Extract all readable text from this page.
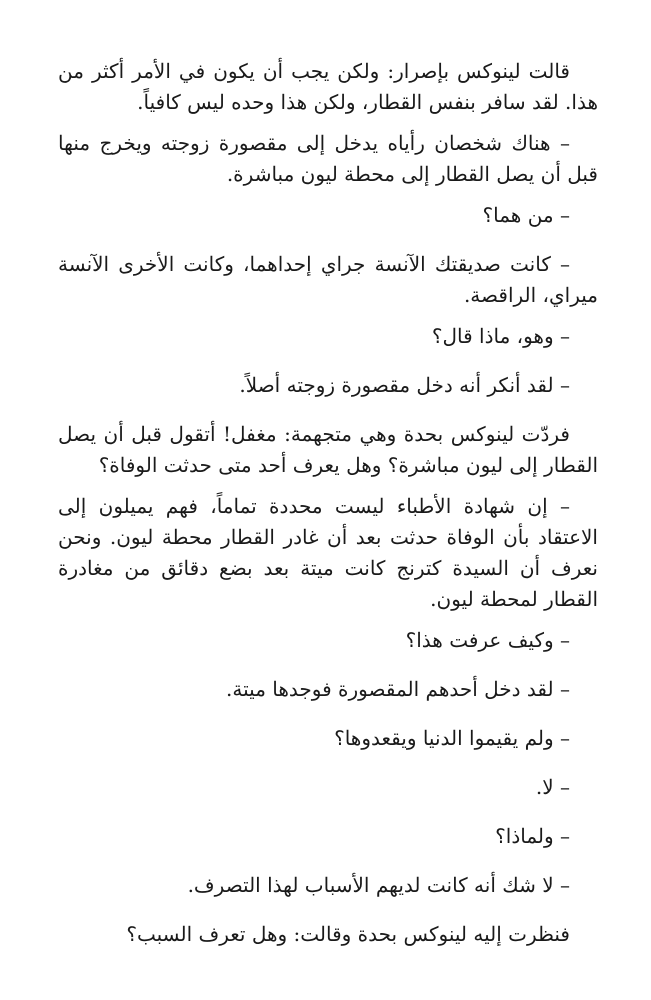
قالت لينوكس بإصرار: ولكن يجب أن يكون في الأمر أكثر من هذا. لقد سافر بنفس القطار، ولكن هذا وحده ليس كافياً.

– هناك شخصان رأياه يدخل إلى مقصورة زوجته ويخرج منها قبل أن يصل القطار إلى محطة ليون مباشرة.

– من هما؟

– كانت صديقتك الآنسة جراي إحداهما، وكانت الأخرى الآنسة ميراي، الراقصة.

– وهو، ماذا قال؟

– لقد أنكر أنه دخل مقصورة زوجته أصلاً.

فردّت لينوكس بحدة وهي متجهمة: مغفل! أتقول قبل أن يصل القطار إلى ليون مباشرة؟ وهل يعرف أحد متى حدثت الوفاة؟

– إن شهادة الأطباء ليست محددة تماماً، فهم يميلون إلى الاعتقاد بأن الوفاة حدثت بعد أن غادر القطار محطة ليون. ونحن نعرف أن السيدة كترنج كانت ميتة بعد بضع دقائق من مغادرة القطار لمحطة ليون.

– وكيف عرفت هذا؟

– لقد دخل أحدهم المقصورة فوجدها ميتة.

– ولم يقيموا الدنيا ويقعدوها؟

– لا.

– ولماذا؟

– لا شك أنه كانت لديهم الأسباب لهذا التصرف.

فنظرت إليه لينوكس بحدة وقالت: وهل تعرف السبب؟
